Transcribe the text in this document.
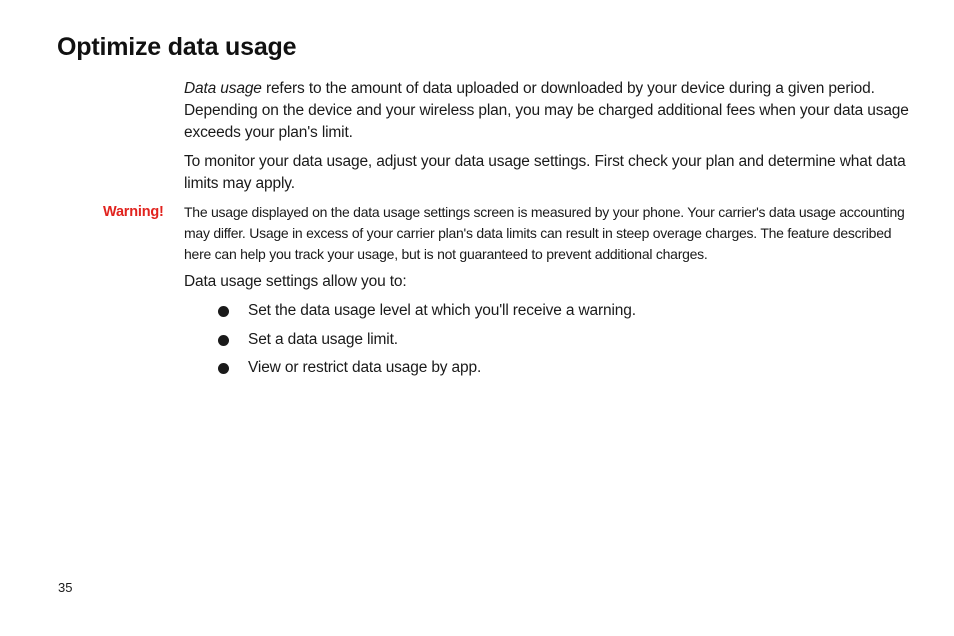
Optimize data usage

Data usage refers to the amount of data uploaded or downloaded by your device during a given period. Depending on the device and your wireless plan, you may be charged additional fees when your data usage exceeds your plan's limit.

To monitor your data usage, adjust your data usage settings. First check your plan and determine what data limits may apply.

Warning! The usage displayed on the data usage settings screen is measured by your phone. Your carrier's data usage accounting may differ. Usage in excess of your carrier plan's data limits can result in steep overage charges. The feature described here can help you track your usage, but is not guaranteed to prevent additional charges.

Data usage settings allow you to:

Set the data usage level at which you'll receive a warning.
Set a data usage limit.
View or restrict data usage by app.
35
